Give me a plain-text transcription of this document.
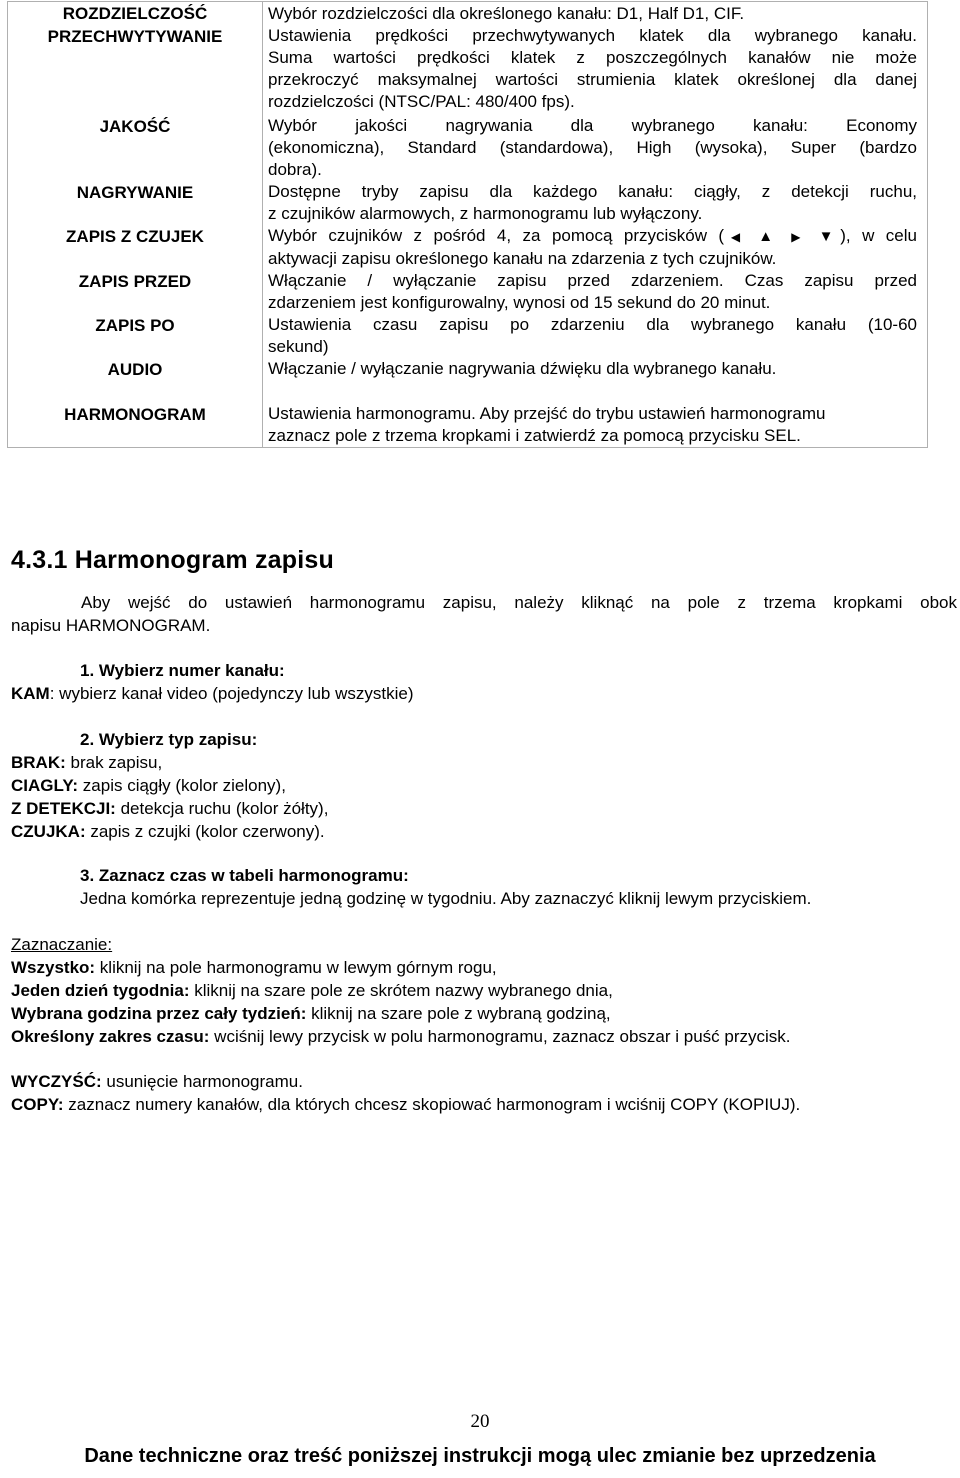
ROZDZIELCZOŚĆ	Wybór rozdzielczości dla określonego kanału: D1, Half D1, CIF.

PRZECHWYTYWANIE	Ustawienia prędkości przechwytywanych klatek dla wybranego kanału.
Suma wartości prędkości klatek z poszczególnych kanałów nie może
przekroczyć maksymalnej wartości strumienia klatek określonej dla danej
rozdzielczości (NTSC/PAL: 480/400 fps).

JAKOŚĆ	Wybór jakości nagrywania dla wybranego kanału: Economy
(ekonomiczna), Standard (standardowa), High (wysoka), Super (bardzo
dobra).

NAGRYWANIE	Dostępne tryby zapisu dla każdego kanału: ciągły, z detekcji ruchu,
z czujników alarmowych, z harmonogramu lub wyłączony.

ZAPIS Z CZUJEK	Wybór czujników z pośród 4, za pomocą przycisków (◀ ▲ ▶ ▼), w celu
aktywacji zapisu określonego kanału na zdarzenia z tych czujników.

ZAPIS PRZED	Włączanie / wyłączanie zapisu przed zdarzeniem. Czas zapisu przed
zdarzeniem jest konfigurowalny, wynosi od 15 sekund do 20 minut.

ZAPIS PO	Ustawienia czasu zapisu po zdarzeniu dla wybranego kanału (10-60
sekund)

AUDIO	Włączanie / wyłączanie nagrywania dźwięku dla wybranego kanału.

HARMONOGRAM	Ustawienia harmonogramu. Aby przejść do trybu ustawień harmonogramu
zaznacz pole z trzema kropkami i zatwierdź za pomocą przycisku SEL.
4.3.1 Harmonogram zapisu
Aby wejść do ustawień harmonogramu zapisu, należy kliknąć na pole z trzema kropkami obok
napisu HARMONOGRAM.
1. Wybierz numer kanału:
KAM: wybierz kanał video (pojedynczy lub wszystkie)
2. Wybierz typ zapisu:
BRAK: brak zapisu,
CIAGLY: zapis ciągły (kolor zielony),
Z DETEKCJI: detekcja ruchu (kolor żółty),
CZUJKA: zapis z czujki (kolor czerwony).
3. Zaznacz czas w tabeli harmonogramu:
Jedna komórka reprezentuje jedną godzinę w tygodniu. Aby zaznaczyć kliknij lewym przyciskiem.
Zaznaczanie:
Wszystko: kliknij na pole harmonogramu w lewym górnym rogu,
Jeden dzień tygodnia: kliknij na szare pole ze skrótem nazwy wybranego dnia,
Wybrana godzina przez cały tydzień: kliknij na szare pole z wybraną godziną,
Określony zakres czasu: wciśnij lewy przycisk w polu harmonogramu, zaznacz obszar i puść przycisk.
WYCZYŚĆ: usunięcie harmonogramu.
COPY: zaznacz numery kanałów, dla których chcesz skopiować harmonogram i wciśnij COPY (KOPIUJ).
20
Dane techniczne oraz treść poniższej instrukcji mogą ulec zmianie bez uprzedzenia
